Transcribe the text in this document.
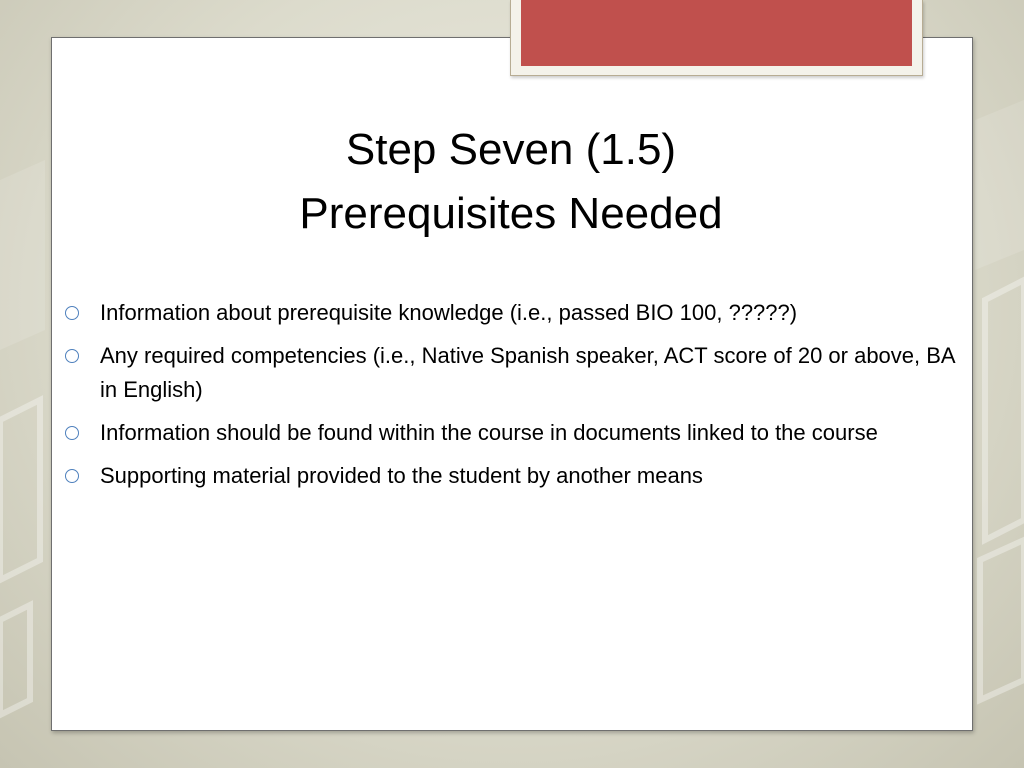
Step Seven (1.5)
Prerequisites Needed
Information about prerequisite knowledge (i.e., passed BIO 100, ?????)
Any required competencies (i.e., Native Spanish speaker, ACT score of 20 or above, BA in English)
Information should be found within the course in documents linked to the course
Supporting material provided to the student by another means
